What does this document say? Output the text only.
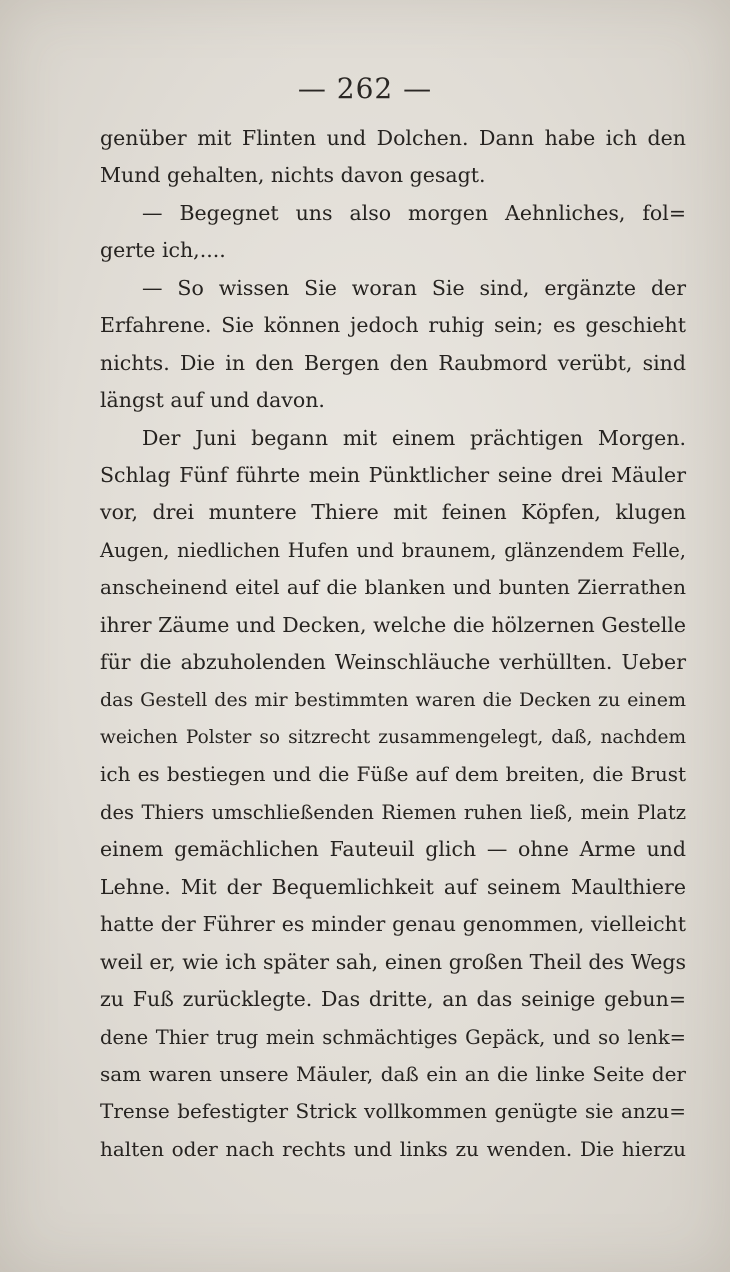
— 262 —
genüber mit Flinten und Dolchen. Dann habe ich den
Mund gehalten, nichts davon gesagt.
— Begegnet uns also morgen Aehnliches, fol=
gerte ich,....
— So wissen Sie woran Sie sind, ergänzte der
Erfahrene. Sie können jedoch ruhig sein; es geschieht
nichts. Die in den Bergen den Raubmord verübt, sind
längst auf und davon.
Der Juni begann mit einem prächtigen Morgen.
Schlag Fünf führte mein Pünktlicher seine drei Mäuler
vor, drei muntere Thiere mit feinen Köpfen, klugen
Augen, niedlichen Hufen und braunem, glänzendem Felle,
anscheinend eitel auf die blanken und bunten Zierrathen
ihrer Zäume und Decken, welche die hölzernen Gestelle
für die abzuholenden Weinschläuche verhüllten. Ueber
das Gestell des mir bestimmten waren die Decken zu einem
weichen Polster so sitzrecht zusammengelegt, daß, nachdem
ich es bestiegen und die Füße auf dem breiten, die Brust
des Thiers umschließenden Riemen ruhen ließ, mein Platz
einem gemächlichen Fauteuil glich — ohne Arme und
Lehne. Mit der Bequemlichkeit auf seinem Maulthiere
hatte der Führer es minder genau genommen, vielleicht
weil er, wie ich später sah, einen großen Theil des Wegs
zu Fuß zurücklegte. Das dritte, an das seinige gebun=
dene Thier trug mein schmächtiges Gepäck, und so lenk=
sam waren unsere Mäuler, daß ein an die linke Seite der
Trense befestigter Strick vollkommen genügte sie anzu=
halten oder nach rechts und links zu wenden. Die hierzu
